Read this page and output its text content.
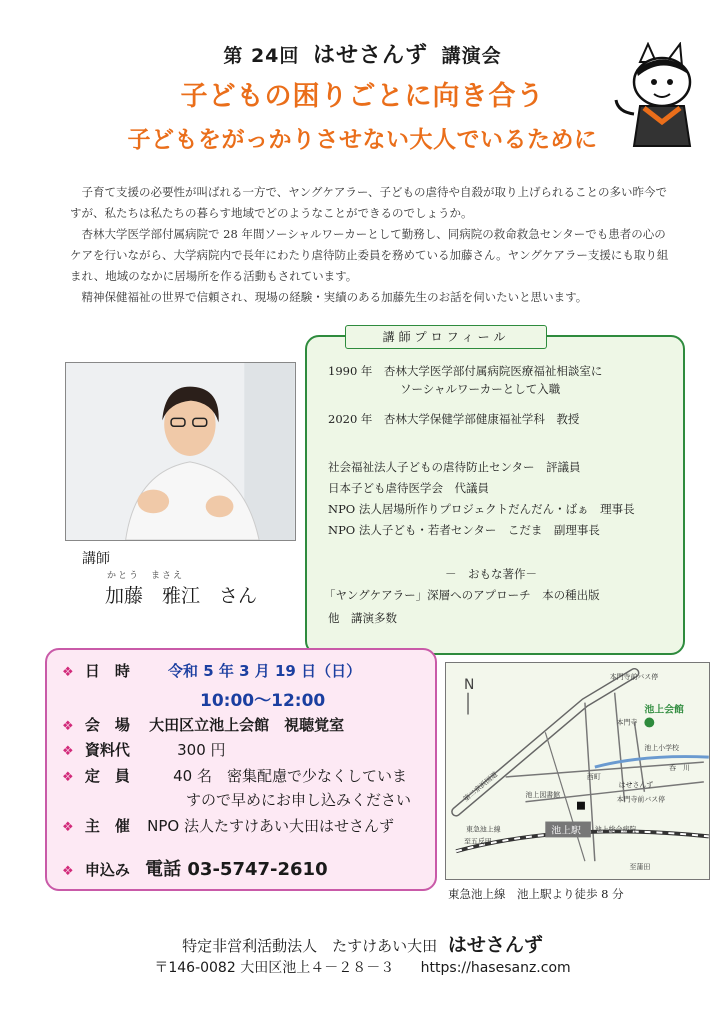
第 24回 はせさんず 講演会
子どもの困りごとに向き合う
子どもをがっかりさせない大人でいるために

子育て支援の必要性が叫ばれる一方で、ヤングケアラー、子どもの虐待や自殺が取り上げられることの多い昨今ですが、私たちは私たちの暮らす地域でどのようなことができるのでしょうか。

杏林大学医学部付属病院で 28 年間ソーシャルワーカーとして勤務し、同病院の救命救急センターでも患者の心のケアを行いながら、大学病院内で長年にわたり虐待防止委員を務めている加藤さん。ヤングケアラー支援にも取り組まれ、地域のなかに居場所を作る活動もされています。

精神保健福祉の世界で信頼され、現場の経験・実績のある加藤先生のお話を伺いたいと思います。

講師プロフィール
1990 年　杏林大学医学部付属病院医療福祉相談室に
ソーシャルワーカーとして入職
2020 年　杏林大学保健学部健康福祉学科　教授
社会福祉法人子どもの虐待防止センター　評議員
日本子ども虐待医学会　代議員
NPO 法人居場所作りプロジェクトだんだん・ばぁ　理事長
NPO 法人子ども・若者センター　こだま　副理事長
－　おもな著作－
「ヤングケアラー」深層へのアプローチ　本の種出版
他　講演多数
講師
かとう　まさえ
加藤　雅江　さん
❖ 日　時	令和 5 年 3 月 19 日（日）
10:00～12:00
❖ 会　場 大田区立池上会館　視聴覚室
❖ 資料代	300 円
❖ 定　員	40 名　密集配慮で少なくしていま
すので早めにお申し込みください
❖ 主　催 NPO 法人たすけあい大田はせさんず
❖ 申込み 電話 03-5747-2610
N
池上駅
池上会館
本門寺前バス停
本門寺
池上小学校
呑　川
第二京浜国道	池上図書館
西町
はせさんず
本門寺前バス停
東急池上線	池上総合病院
至五反田
至蒲田
東急池上線　池上駅より徒歩 8 分
特定非営利活動法人　たすけあい大田 はせさんず
〒146-0082 大田区池上４－２８－３ https://hasesanz.com
